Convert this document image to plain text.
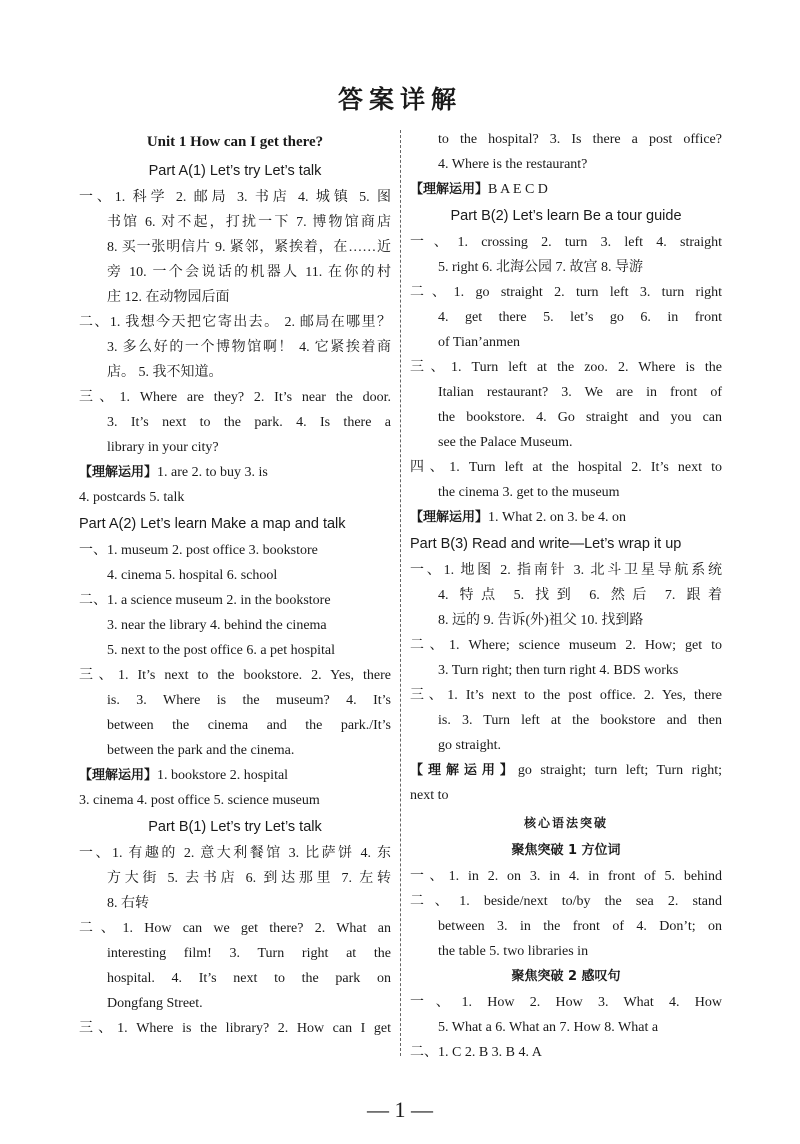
答案详解

Unit 1 How can I get there?

Part A(1) Let’s try Let’s talk

一、1. 科学 2. 邮局 3. 书店 4. 城镇 5. 图

书馆 6. 对不起，打扰一下 7. 博物馆商店

8. 买一张明信片 9. 紧邻，紧挨着，在……近

旁 10. 一个会说话的机器人 11. 在你的村

庄 12. 在动物园后面

二、1. 我想今天把它寄出去。 2. 邮局在哪里？

3. 多么好的一个博物馆啊！ 4. 它紧挨着商

店。 5. 我不知道。

三、1. Where are they? 2. It’s near the door.

3. It’s next to the park. 4. Is there a

library in your city?

【理解运用】1. are 2. to buy 3. is

4. postcards 5. talk

Part A(2) Let’s learn Make a map and talk

一、1. museum 2. post office 3. bookstore

4. cinema 5. hospital 6. school

二、1. a science museum 2. in the bookstore

3. near the library 4. behind the cinema

5. next to the post office 6. a pet hospital

三、1. It’s next to the bookstore. 2. Yes, there

is. 3. Where is the museum? 4. It’s

between the cinema and the park./It’s

between the park and the cinema.

【理解运用】1. bookstore 2. hospital

3. cinema 4. post office 5. science museum

Part B(1) Let’s try Let’s talk

一、1. 有趣的 2. 意大利餐馆 3. 比萨饼 4. 东

方大街 5. 去书店 6. 到达那里 7. 左转

8. 右转

二、1. How can we get there? 2. What an

interesting film! 3. Turn right at the

hospital. 4. It’s next to the park on

Dongfang Street.

三、1. Where is the library? 2. How can I get

to the hospital? 3. Is there a post office?

4. Where is the restaurant?

【理解运用】B A E C D

Part B(2) Let’s learn Be a tour guide

一、1. crossing 2. turn 3. left 4. straight

5. right 6. 北海公园 7. 故宫 8. 导游

二、1. go straight 2. turn left 3. turn right

4. get there 5. let’s go 6. in front

of Tian’anmen

三、1. Turn left at the zoo. 2. Where is the

Italian restaurant? 3. We are in front of

the bookstore. 4. Go straight and you can

see the Palace Museum.

四、1. Turn left at the hospital 2. It’s next to

the cinema 3. get to the museum

【理解运用】1. What 2. on 3. be 4. on

Part B(3) Read and write—Let’s wrap it up

一、1. 地图 2. 指南针 3. 北斗卫星导航系统

4. 特点 5. 找到 6. 然后 7. 跟着

8. 远的 9. 告诉(外)祖父 10. 找到路

二、1. Where; science museum 2. How; get to

3. Turn right; then turn right 4. BDS works

三、1. It’s next to the post office. 2. Yes, there

is. 3. Turn left at the bookstore and then

go straight.

【理解运用】go straight; turn left; Turn right;

next to

核心语法突破

聚焦突破 1 方位词

一、1. in 2. on 3. in 4. in front of 5. behind

二、1. beside/next to/by the sea 2. stand

between 3. in the front of 4. Don’t; on

the table 5. two libraries in

聚焦突破 2 感叹句

一、1. How 2. How 3. What 4. How

5. What a 6. What an 7. How 8. What a

二、1. C 2. B 3. B 4. A

— 1 —
